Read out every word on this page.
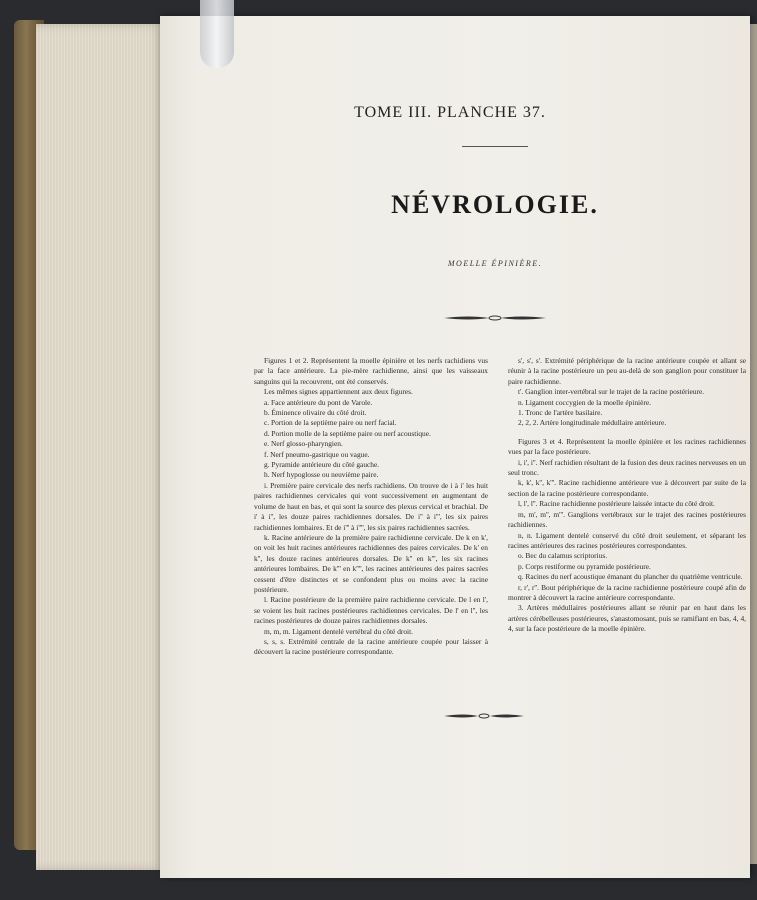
TOME III. PLANCHE 37.
NÉVROLOGIE.
MOELLE ÉPINIÈRE.

Figures 1 et 2. Représentent la moelle épinière et les nerfs rachidiens vus par la face antérieure. La pie-mère rachidienne, ainsi que les vaisseaux sanguins qui la recouvrent, ont été conservés.

Les mêmes signes appartiennent aux deux figures.

a. Face antérieure du pont de Varole.

b. Éminence olivaire du côté droit.

c. Portion de la septième paire ou nerf facial.

d. Portion molle de la septième paire ou nerf acoustique.

e. Nerf glosso-pharyngien.

f. Nerf pneumo-gastrique ou vague.

g. Pyramide antérieure du côté gauche.

h. Nerf hypoglosse ou neuvième paire.

i. Première paire cervicale des nerfs rachidiens. On trouve de i à i' les huit paires rachidiennes cervicales qui vont successivement en augmentant de volume de haut en bas, et qui sont la source des plexus cervical et brachial. De i' à i'', les douze paires rachidiennes dorsales. De i'' à i''', les six paires rachidiennes lombaires. Et de i''' à i'''', les six paires rachidiennes sacrées.

k. Racine antérieure de la première paire rachidienne cervicale. De k en k', on voit les huit racines antérieures rachidiennes des paires cervicales. De k' en k'', les douze racines antérieures dorsales. De k'' en k''', les six racines antérieures lombaires. De k''' en k'''', les racines antérieures des paires sacrées cessent d'être distinctes et se confondent plus ou moins avec la racine postérieure.

l. Racine postérieure de la première paire rachidienne cervicale. De l en l', se voient les huit racines postérieures rachidiennes cervicales. De l' en l'', les racines postérieures de douze paires rachidiennes dorsales.

m, m, m. Ligament dentelé vertébral du côté droit.

s, s, s. Extrémité centrale de la racine antérieure coupée pour laisser à découvert la racine postérieure correspondante.

s', s', s'. Extrémité périphérique de la racine antérieure coupée et allant se réunir à la racine postérieure un peu au-delà de son ganglion pour constituer la paire rachidienne.

t'. Ganglion inter-vertébral sur le trajet de la racine postérieure.

n. Ligament coccygien de la moelle épinière.

1. Tronc de l'artère basilaire.

2, 2, 2. Artère longitudinale médullaire antérieure.

Figures 3 et 4. Représentent la moelle épinière et les racines rachidiennes vues par la face postérieure.

i, i', i''. Nerf rachidien résultant de la fusion des deux racines nerveuses en un seul tronc.

k, k', k'', k'''. Racine rachidienne antérieure vue à découvert par suite de la section de la racine postérieure correspondante.

l, l', l''. Racine rachidienne postérieure laissée intacte du côté droit.

m, m', m'', m'''. Ganglions vertébraux sur le trajet des racines postérieures rachidiennes.

n, n. Ligament dentelé conservé du côté droit seulement, et séparant les racines antérieures des racines postérieures correspondantes.

o. Bec du calamus scriptorius.

p. Corps restiforme ou pyramide postérieure.

q. Racines du nerf acoustique émanant du plancher du quatrième ventricule.

r, r', r''. Bout périphérique de la racine rachidienne postérieure coupé afin de montrer à découvert la racine antérieure correspondante.

3. Artères médullaires postérieures allant se réunir par en haut dans les artères cérébelleuses postérieures, s'anastomosant, puis se ramifiant en bas, 4, 4, 4, sur la face postérieure de la moelle épinière.
